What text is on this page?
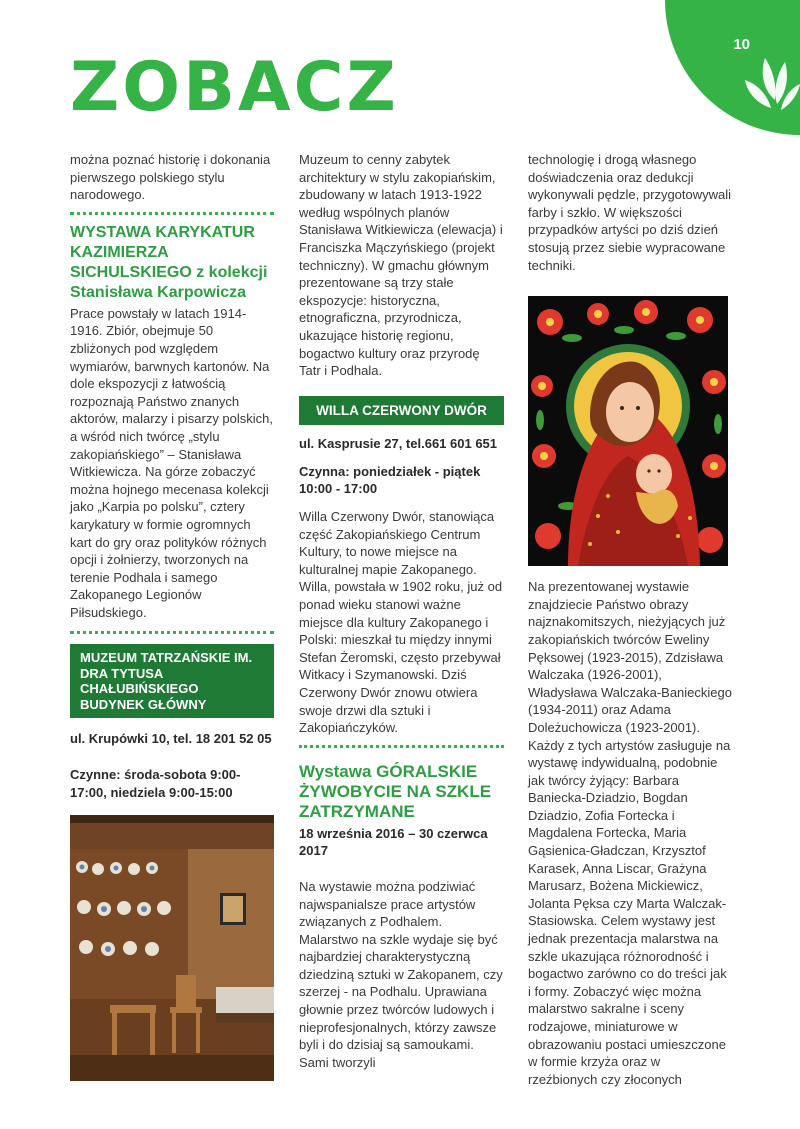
10
ZOBACZ

można poznać historię i dokonania pierwszego polskiego stylu narodowego.

WYSTAWA KARYKATUR KAZIMIERZA SICHULSKIEGO z kolekcji Stanisława Karpowicza

Prace powstały w latach 1914-1916. Zbiór, obejmuje 50 zbliżonych pod względem wymiarów, barwnych kartonów. Na dole ekspozycji z łatwością rozpoznają Państwo znanych aktorów, malarzy i pisarzy polskich, a wśród nich twórcę „stylu zakopiańskiego” – Stanisława Witkiewicza. Na górze zobaczyć można hojnego mecenasa kolekcji jako „Karpia po polsku”, cztery karykatury w formie ogromnych kart do gry oraz polityków różnych opcji i żołnierzy, tworzonych na terenie Podhala i samego Zakopanego Legionów Piłsudskiego.

MUZEUM TATRZAŃSKIE IM. DRA TYTUSA CHAŁUBIŃSKIEGO BUDYNEK GŁÓWNY

ul. Krupówki 10, tel. 18 201 52 05

Czynne: środa-sobota 9:00-17:00, niedziela 9:00-15:00

Muzeum to cenny zabytek architektury w stylu zakopiańskim, zbudowany w latach 1913-1922 według wspólnych planów Stanisława Witkiewicza (elewacja) i Franciszka Mączyńskiego (projekt techniczny). W gmachu głównym prezentowane są trzy stałe ekspozycje: historyczna, etnograficzna, przyrodnicza, ukazujące historię regionu, bogactwo kultury oraz przyrodę Tatr i Podhala.

WILLA CZERWONY DWÓR

ul. Kasprusie 27, tel.661 601 651

Czynna: poniedziałek - piątek 10:00 - 17:00

Willa Czerwony Dwór, stanowiąca część Zakopiańskiego Centrum Kultury, to nowe miejsce na kulturalnej mapie Zakopanego. Willa, powstała w 1902 roku, już od ponad wieku stanowi ważne miejsce dla kultury Zakopanego i Polski: mieszkał tu między innymi Stefan Żeromski, często przebywał Witkacy i Szymanowski. Dziś Czerwony Dwór znowu otwiera swoje drzwi dla sztuki i Zakopiańczyków.

Wystawa GÓRALSKIE ŻYWOBYCIE NA SZKLE ZATRZYMANE

18 września 2016 – 30 czerwca 2017

Na wystawie można podziwiać najwspanialsze prace artystów związanych z Podhalem. Malarstwo na szkle wydaje się być najbardziej charakterystyczną dziedziną sztuki w Zakopanem, czy szerzej - na Podhalu. Uprawiana głownie przez twórców ludowych i nieprofesjonalnych, którzy zawsze byli i do dzisiaj są samoukami. Sami tworzyli

technologię i drogą własnego doświadczenia oraz dedukcji wykonywali pędzle, przygotowywali farby i szkło. W większości przypadków artyści po dziś dzień stosują przez siebie wypracowane techniki.

Na prezentowanej wystawie znajdziecie Państwo obrazy najznakomitszych, nieżyjących już zakopiańskich twórców Eweliny Pęksowej (1923-2015), Zdzisława Walczaka (1926-2001), Władysława Walczaka-Banieckiego (1934-2011) oraz Adama Doleżuchowicza (1923-2001). Każdy z tych artystów zasługuje na wystawę indywidualną, podobnie jak twórcy żyjący: Barbara Baniecka-Dziadzio, Bogdan Dziadzio, Zofia Fortecka i Magdalena Fortecka, Maria Gąsienica-Gładczan, Krzysztof Karasek, Anna Liscar, Grażyna Marusarz, Bożena Mickiewicz, Jolanta Pęksa czy Marta Walczak-Stasiowska. Celem wystawy jest jednak prezentacja malarstwa na szkle ukazująca różnorodność i bogactwo zarówno co do treści jak i formy. Zobaczyć więc można malarstwo sakralne i sceny rodzajowe, miniaturowe w obrazowaniu postaci umieszczone w formie krzyża oraz w rzeźbionych czy złoconych
